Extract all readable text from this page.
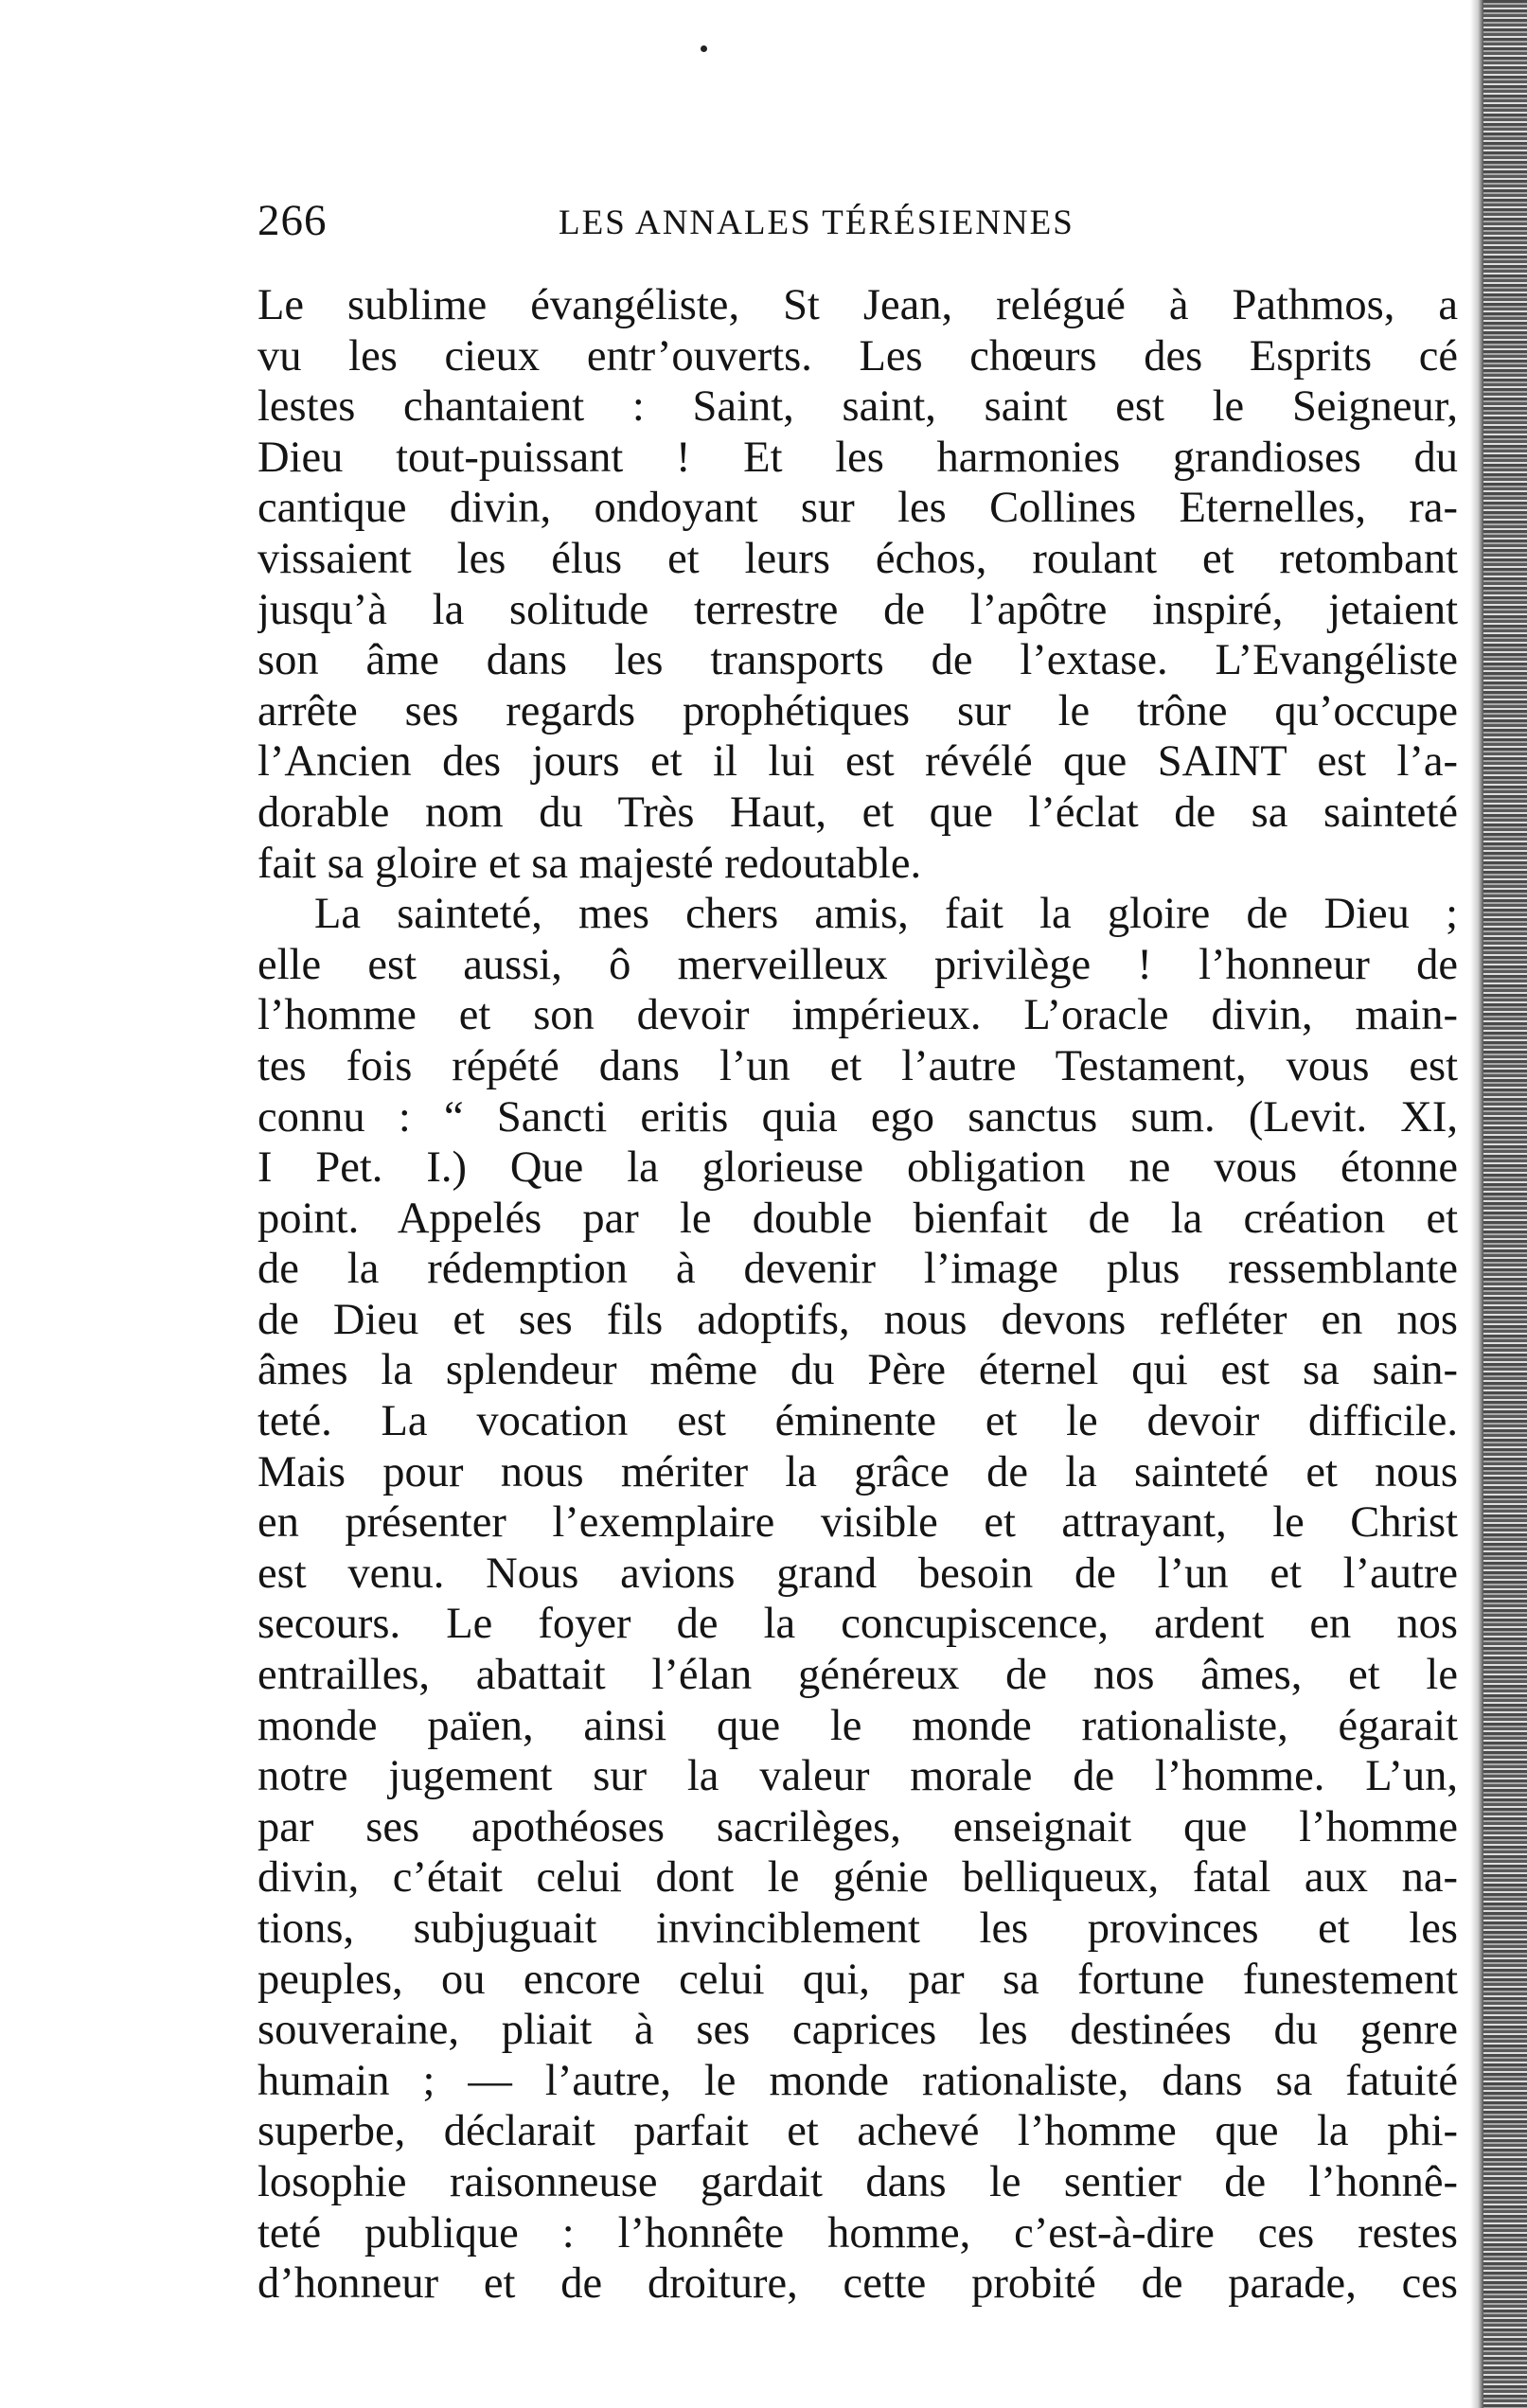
266	LES ANNALES TÉRÉSIENNES
Le sublime évangéliste, St Jean, relégué à Pathmos, a
vu les cieux entr’ouverts. Les chœurs des Esprits cé
lestes chantaient : Saint, saint, saint est le Seigneur,
Dieu tout-puissant ! Et les harmonies grandioses du
cantique divin, ondoyant sur les Collines Eternelles, ra-
vissaient les élus et leurs échos, roulant et retombant
jusqu’à la solitude terrestre de l’apôtre inspiré, jetaient
son âme dans les transports de l’extase. L’Evangéliste
arrête ses regards prophétiques sur le trône qu’occupe
l’Ancien des jours et il lui est révélé que SAINT est l’a-
dorable nom du Très Haut, et que l’éclat de sa sainteté
fait sa gloire et sa majesté redoutable.
La sainteté, mes chers amis, fait la gloire de Dieu ;
elle est aussi, ô merveilleux privilège ! l’honneur de
l’homme et son devoir impérieux. L’oracle divin, main-
tes fois répété dans l’un et l’autre Testament, vous est
connu : “ Sancti eritis quia ego sanctus sum. (Levit. XI,
I Pet. I.) Que la glorieuse obligation ne vous étonne
point. Appelés par le double bienfait de la création et
de la rédemption à devenir l’image plus ressemblante
de Dieu et ses fils adoptifs, nous devons refléter en nos
âmes la splendeur même du Père éternel qui est sa sain-
teté. La vocation est éminente et le devoir difficile.
Mais pour nous mériter la grâce de la sainteté et nous
en présenter l’exemplaire visible et attrayant, le Christ
est venu. Nous avions grand besoin de l’un et l’autre
secours. Le foyer de la concupiscence, ardent en nos
entrailles, abattait l’élan généreux de nos âmes, et le
monde païen, ainsi que le monde rationaliste, égarait
notre jugement sur la valeur morale de l’homme. L’un,
par ses apothéoses sacrilèges, enseignait que l’homme
divin, c’était celui dont le génie belliqueux, fatal aux na-
tions, subjuguait invinciblement les provinces et les
peuples, ou encore celui qui, par sa fortune funestement
souveraine, pliait à ses caprices les destinées du genre
humain ; — l’autre, le monde rationaliste, dans sa fatuité
superbe, déclarait parfait et achevé l’homme que la phi-
losophie raisonneuse gardait dans le sentier de l’honnê-
teté publique : l’honnête homme, c’est-à-dire ces restes
d’honneur et de droiture, cette probité de parade, ces
